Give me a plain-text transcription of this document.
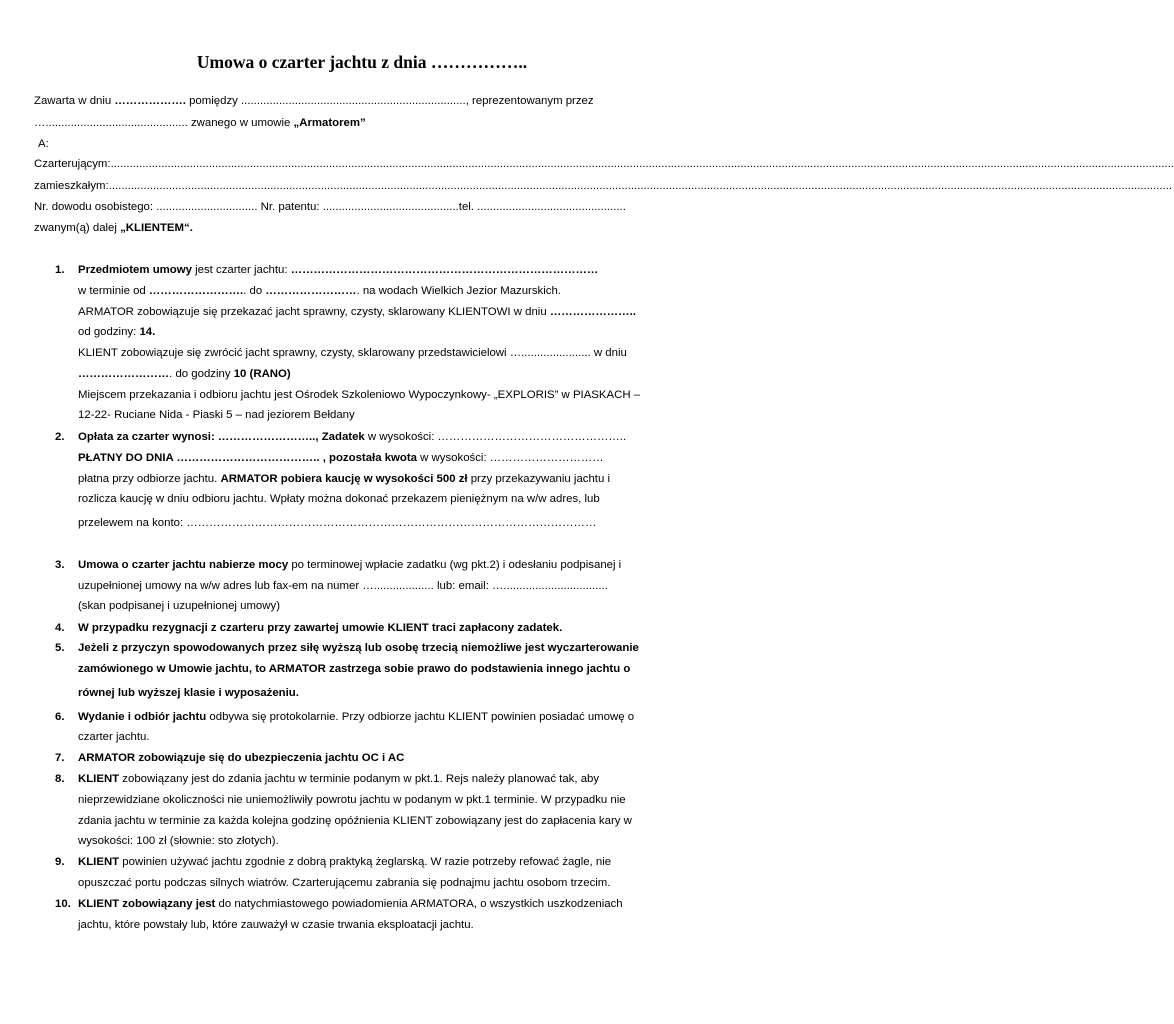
Umowa o czarter jachtu z dnia ……………..
Zawarta w dniu ………………. pomiędzy ......................................................................., reprezentowanym przez
…............................................. zwanego w umowie „Armatorem”
A:
Czarterującym: ................................................................................................................................................................................................................................................................................................................................................
zamieszkałym: ................................................................................................................................................................................................................................................................................................................................................
Nr. dowodu osobistego: ................................ Nr. patentu: ...........................................tel. ...............................................
zwanym(ą) dalej „KLIENTEM“.
1. Przedmiotem umowy jest czarter jachtu: ………………………………………………………………………
w terminie od …………………….. do ……………………. na wodach Wielkich Jezior Mazurskich.
ARMATOR zobowiązuje się przekazać jacht sprawny, czysty, sklarowany KLIENTOWI w dniu …………………..
od godziny: 14.
KLIENT zobowiązuje się zwrócić jacht sprawny, czysty, sklarowany przedstawicielowi …...................... w dniu
……………………. do godziny 10 (RANO)
Miejscem przekazania i odbioru jachtu jest Ośrodek Szkoleniowo Wypoczynkowy- „EXPLORIS” w PIASKACH –
12-22- Ruciane Nida - Piaski 5 – nad jeziorem Bełdany
2. Opłata za czarter wynosi: …………………….., Zadatek w wysokości: …………………………………………..
PŁATNY DO DNIA ……………………………….. , pozostała kwota w wysokości: …………………………
płatna przy odbiorze jachtu. ARMATOR pobiera kaucję w wysokości 500 zł przy przekazywaniu jachtu i
rozlicza kaucję w dniu odbioru jachtu. Wpłaty można dokonać przekazem pieniężnym na w/w adres, lub
przelewem na konto: ………………………………………………………………………………………………
3. Umowa o czarter jachtu nabierze mocy po terminowej wpłacie zadatku (wg pkt.2) i odesłaniu podpisanej i
uzupełnionej umowy na w/w adres lub fax-em na numer …................... lub: email: ….................................
(skan podpisanej i uzupełnionej umowy)
4. W przypadku rezygnacji z czarteru przy zawartej umowie KLIENT traci zapłacony zadatek.
5. Jeżeli z przyczyn spowodowanych przez siłę wyższą lub osobę trzecią niemożliwe jest wyczarterowanie
zamówionego w Umowie jachtu, to ARMATOR zastrzega sobie prawo do podstawienia innego jachtu o
równej lub wyższej klasie i wyposażeniu.
6. Wydanie i odbiór jachtu odbywa się protokolarnie. Przy odbiorze jachtu KLIENT powinien posiadać umowę o
czarter jachtu.
7. ARMATOR zobowiązuje się do ubezpieczenia jachtu OC i AC
8. KLIENT zobowiązany jest do zdania jachtu w terminie podanym w pkt.1. Rejs należy planować tak, aby
nieprzewidziane okoliczności nie uniemożliwiły powrotu jachtu w podanym w pkt.1 terminie. W przypadku nie
zdania jachtu w terminie za każda kolejna godzinę opóźnienia KLIENT zobowiązany jest do zapłacenia kary w
wysokości: 100 zł (słownie: sto złotych).
9. KLIENT powinien używać jachtu zgodnie z dobrą praktyką żeglarską. W razie potrzeby refować żagle, nie
opuszczać portu podczas silnych wiatrów. Czarterującemu zabrania się podnajmu jachtu osobom trzecim.
10. KLIENT zobowiązany jest do natychmiastowego powiadomienia ARMATORA, o wszystkich uszkodzeniach
jachtu, które powstały lub, które zauważył w czasie trwania eksploatacji jachtu.
